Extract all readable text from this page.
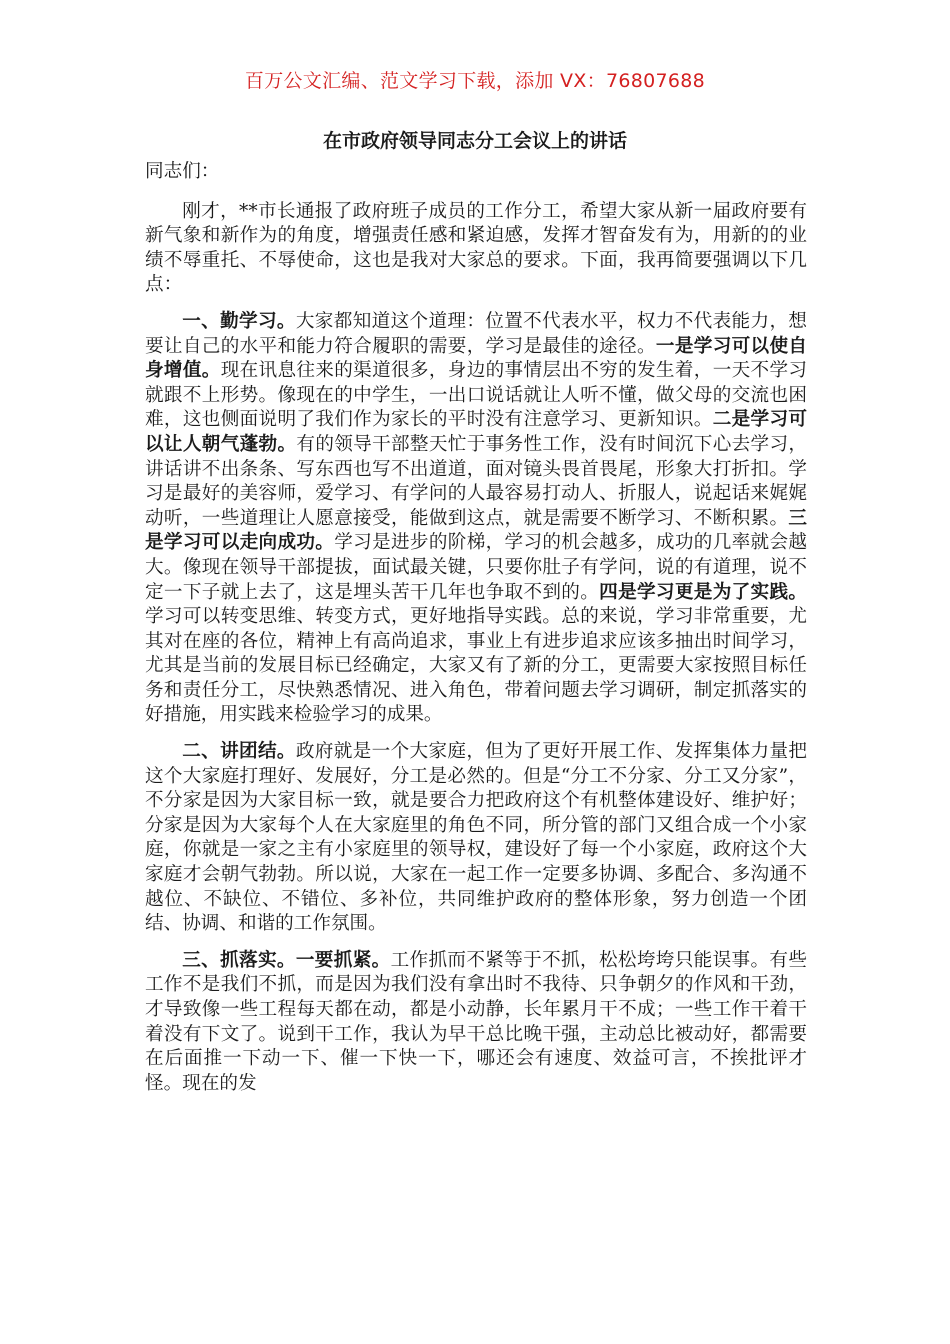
百万公文汇编、范文学习下载，添加 VX：76807688
在市政府领导同志分工会议上的讲话

同志们：

刚才，**市长通报了政府班子成员的工作分工，希望大家从新一届政府要有新气象和新作为的角度，增强责任感和紧迫感，发挥才智奋发有为，用新的的业绩不辱重托、不辱使命，这也是我对大家总的要求。下面，我再简要强调以下几点：

一、勤学习。大家都知道这个道理：位置不代表水平，权力不代表能力，想要让自己的水平和能力符合履职的需要，学习是最佳的途径。一是学习可以使自身增值。现在讯息往来的渠道很多，身边的事情层出不穷的发生着，一天不学习就跟不上形势。像现在的中学生，一出口说话就让人听不懂，做父母的交流也困难，这也侧面说明了我们作为家长的平时没有注意学习、更新知识。二是学习可以让人朝气蓬勃。有的领导干部整天忙于事务性工作，没有时间沉下心去学习，讲话讲不出条条、写东西也写不出道道，面对镜头畏首畏尾，形象大打折扣。学习是最好的美容师，爱学习、有学问的人最容易打动人、折服人，说起话来娓娓动听，一些道理让人愿意接受，能做到这点，就是需要不断学习、不断积累。三是学习可以走向成功。学习是进步的阶梯，学习的机会越多，成功的几率就会越大。像现在领导干部提拔，面试最关键，只要你肚子有学问，说的有道理，说不定一下子就上去了，这是埋头苦干几年也争取不到的。四是学习更是为了实践。学习可以转变思维、转变方式，更好地指导实践。总的来说，学习非常重要，尤其对在座的各位，精神上有高尚追求，事业上有进步追求应该多抽出时间学习，尤其是当前的发展目标已经确定，大家又有了新的分工，更需要大家按照目标任务和责任分工，尽快熟悉情况、进入角色，带着问题去学习调研，制定抓落实的好措施，用实践来检验学习的成果。

二、讲团结。政府就是一个大家庭，但为了更好开展工作、发挥集体力量把这个大家庭打理好、发展好，分工是必然的。但是“分工不分家、分工又分家”，不分家是因为大家目标一致，就是要合力把政府这个有机整体建设好、维护好；分家是因为大家每个人在大家庭里的角色不同，所分管的部门又组合成一个小家庭，你就是一家之主有小家庭里的领导权，建设好了每一个小家庭，政府这个大家庭才会朝气勃勃。所以说，大家在一起工作一定要多协调、多配合、多沟通不越位、不缺位、不错位、多补位，共同维护政府的整体形象，努力创造一个团结、协调、和谐的工作氛围。

三、抓落实。一要抓紧。工作抓而不紧等于不抓，松松垮垮只能误事。有些工作不是我们不抓，而是因为我们没有拿出时不我待、只争朝夕的作风和干劲，才导致像一些工程每天都在动，都是小动静，长年累月干不成；一些工作干着干着没有下文了。说到干工作，我认为早干总比晚干强，主动总比被动好，都需要在后面推一下动一下、催一下快一下，哪还会有速度、效益可言，不挨批评才怪。现在的发
